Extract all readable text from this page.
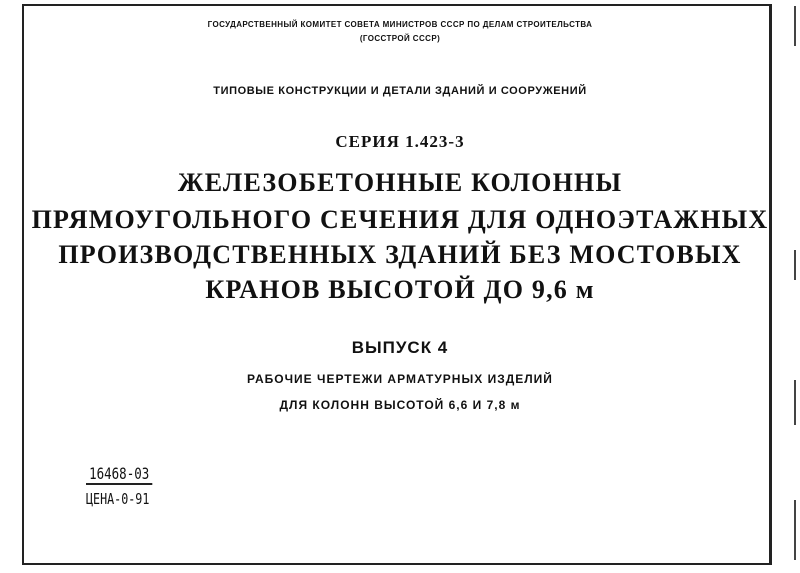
ГОСУДАРСТВЕННЫЙ КОМИТЕТ СОВЕТА МИНИСТРОВ СССР ПО ДЕЛАМ СТРОИТЕЛЬСТВА
(ГОССТРОЙ СССР)
ТИПОВЫЕ КОНСТРУКЦИИ И ДЕТАЛИ ЗДАНИЙ И СООРУЖЕНИЙ
СЕРИЯ 1.423-3
ЖЕЛЕЗОБЕТОННЫЕ КОЛОННЫ
ПРЯМОУГОЛЬНОГО СЕЧЕНИЯ ДЛЯ ОДНОЭТАЖНЫХ
ПРОИЗВОДСТВЕННЫХ ЗДАНИЙ БЕЗ МОСТОВЫХ
КРАНОВ ВЫСОТОЙ ДО 9,6 м
ВЫПУСК 4
РАБОЧИЕ ЧЕРТЕЖИ АРМАТУРНЫХ ИЗДЕЛИЙ
ДЛЯ КОЛОНН ВЫСОТОЙ 6,6 И 7,8 м
16468-03
ЦЕНА-0-91
